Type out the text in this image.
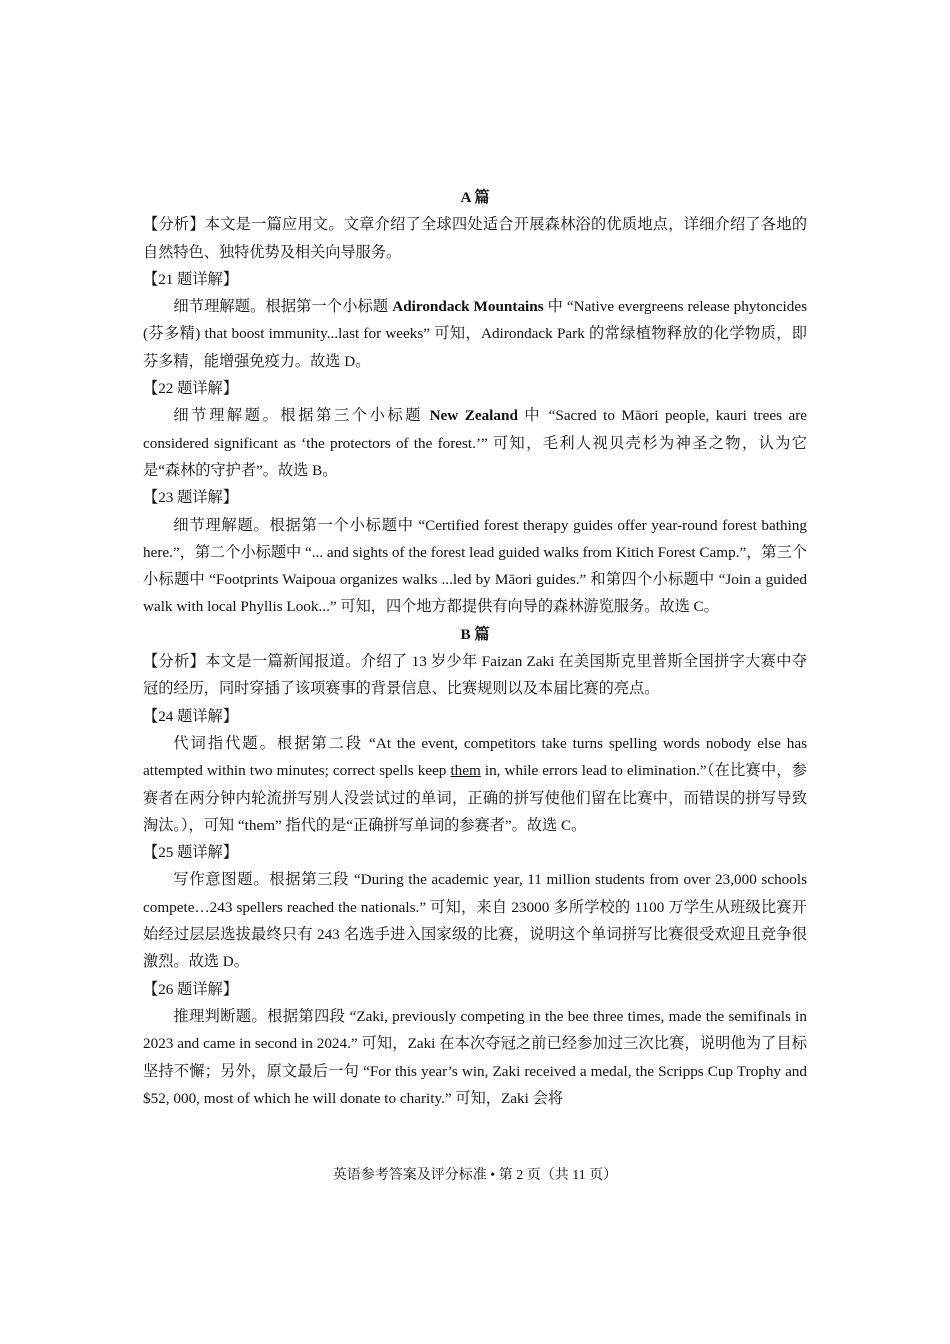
A 篇

【分析】本文是一篇应用文。文章介绍了全球四处适合开展森林浴的优质地点，详细介绍了各地的自然特色、独特优势及相关向导服务。

【21 题详解】

细节理解题。根据第一个小标题 Adirondack Mountains 中 “Native evergreens release phytoncides (芬多精) that boost immunity...last for weeks” 可知，Adirondack Park 的常绿植物释放的化学物质，即芬多精，能增强免疫力。故选 D。

【22 题详解】

细节理解题。根据第三个小标题 New Zealand 中 “Sacred to Māori people, kauri trees are considered significant as ‘the protectors of the forest.’” 可知，毛利人视贝壳杉为神圣之物，认为它是“森林的守护者”。故选 B。

【23 题详解】

细节理解题。根据第一个小标题中 “Certified forest therapy guides offer year-round forest bathing here.”，第二个小标题中 “... and sights of the forest lead guided walks from Kitich Forest Camp.”，第三个小标题中 “Footprints Waipoua organizes walks ...led by Māori guides.” 和第四个小标题中 “Join a guided walk with local Phyllis Look...” 可知，四个地方都提供有向导的森林游览服务。故选 C。

B 篇

【分析】本文是一篇新闻报道。介绍了 13 岁少年 Faizan Zaki 在美国斯克里普斯全国拼字大赛中夺冠的经历，同时穿插了该项赛事的背景信息、比赛规则以及本届比赛的亮点。

【24 题详解】

代词指代题。根据第二段 “At the event, competitors take turns spelling words nobody else has attempted within two minutes; correct spells keep them in, while errors lead to elimination.”（在比赛中，参赛者在两分钟内轮流拼写别人没尝试过的单词，正确的拼写使他们留在比赛中，而错误的拼写导致淘汰。），可知 “them” 指代的是“正确拼写单词的参赛者”。故选 C。

【25 题详解】

写作意图题。根据第三段 “During the academic year, 11 million students from over 23,000 schools compete…243 spellers reached the nationals.” 可知，来自 23000 多所学校的 1100 万学生从班级比赛开始经过层层选拔最终只有 243 名选手进入国家级的比赛，说明这个单词拼写比赛很受欢迎且竞争很激烈。故选 D。

【26 题详解】

推理判断题。根据第四段 “Zaki, previously competing in the bee three times, made the semifinals in 2023 and came in second in 2024.” 可知，Zaki 在本次夺冠之前已经参加过三次比赛，说明他为了目标坚持不懈；另外，原文最后一句 “For this year’s win, Zaki received a medal, the Scripps Cup Trophy and $52, 000, most of which he will donate to charity.” 可知，Zaki 会将

英语参考答案及评分标准 • 第 2 页（共 11 页）
